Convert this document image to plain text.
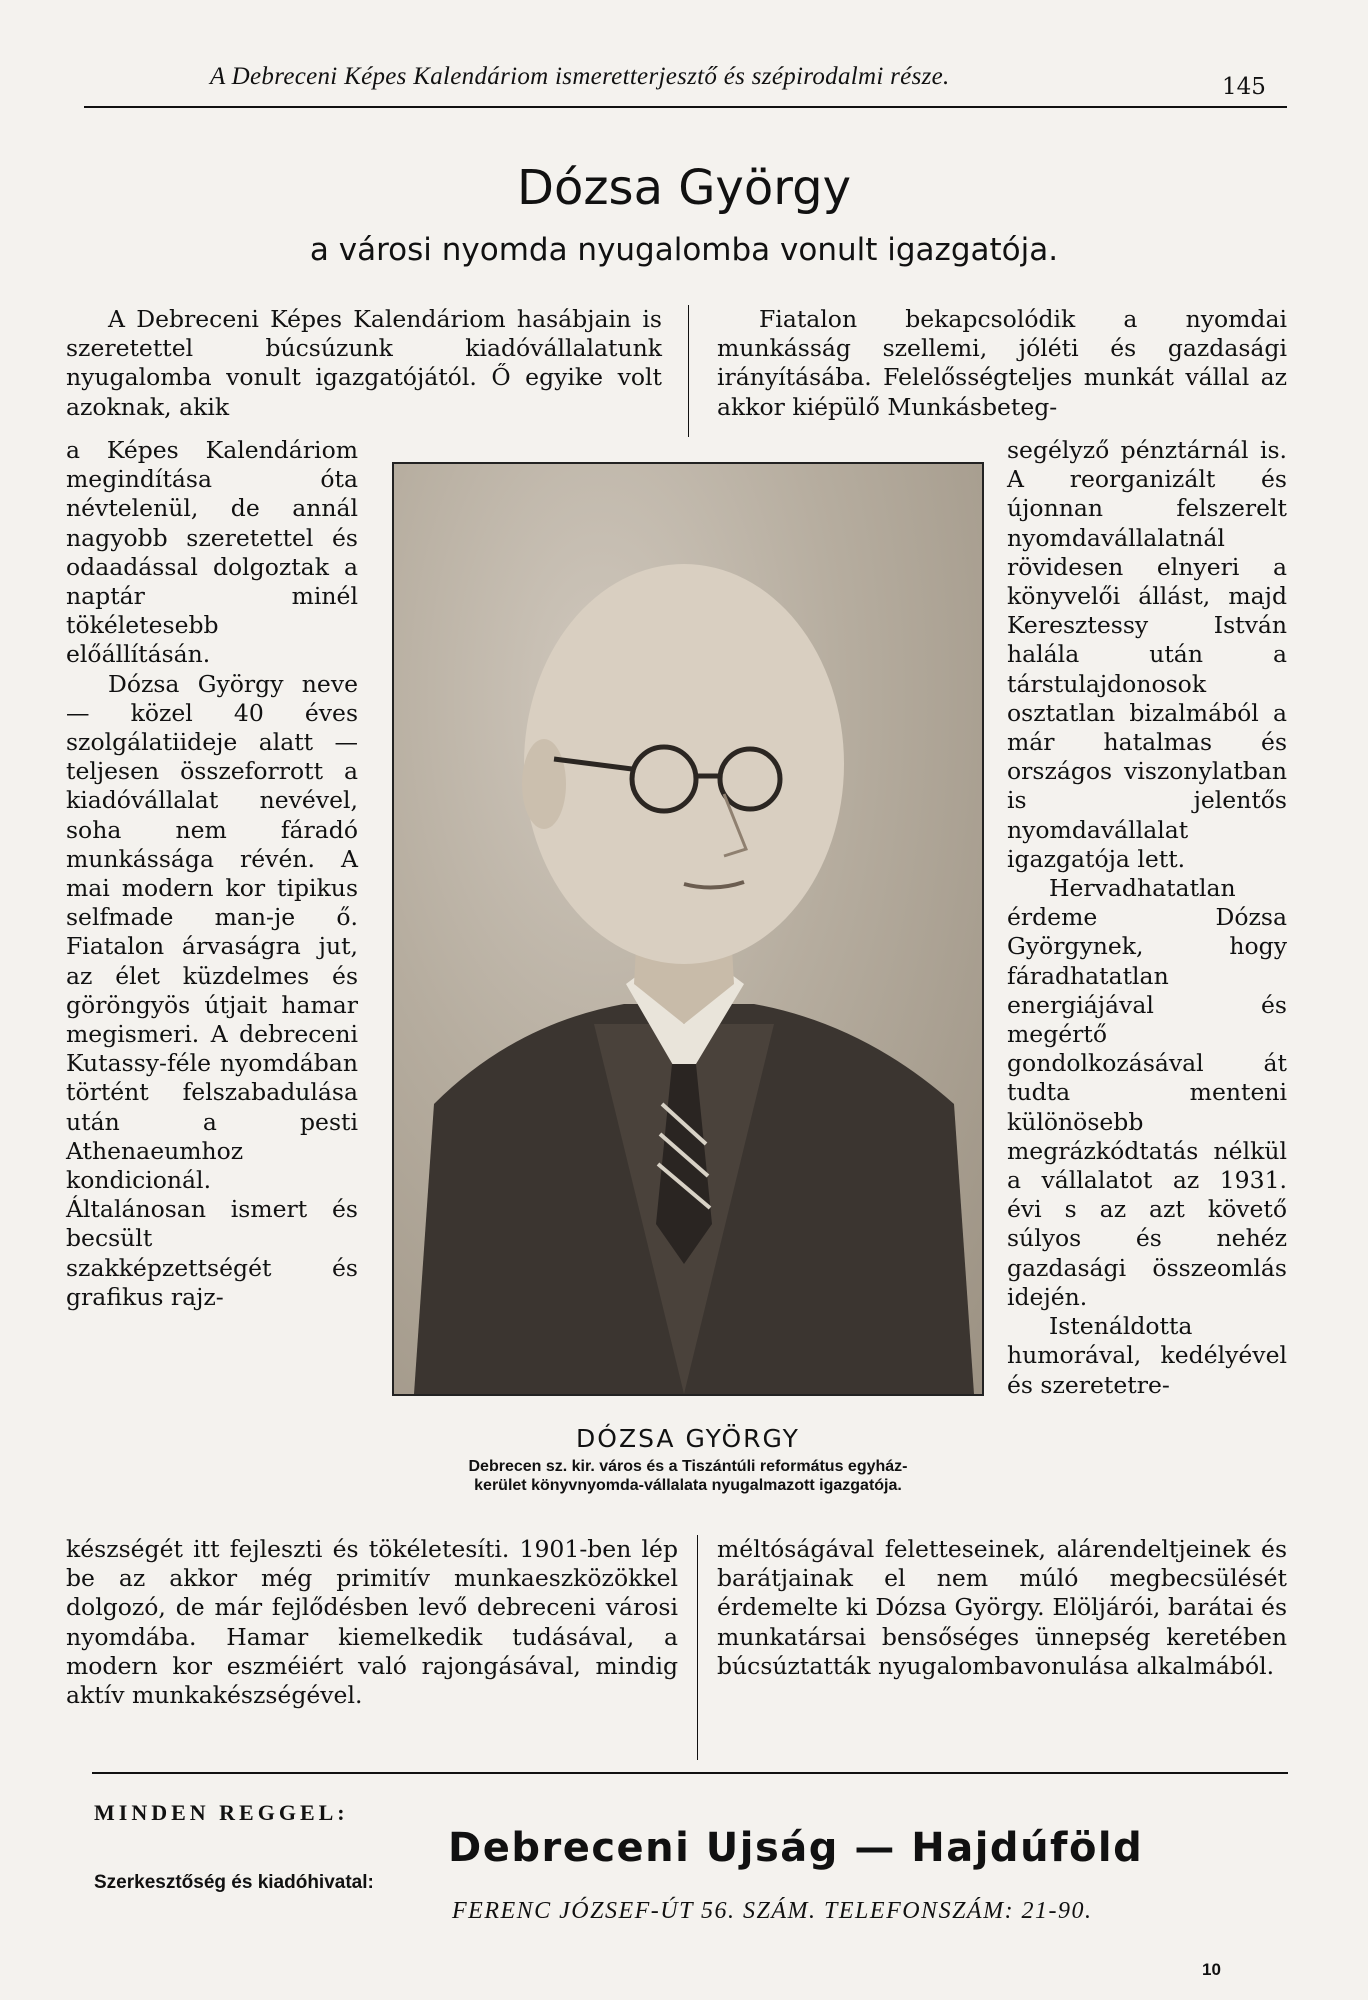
A Debreceni Képes Kalendáriom ismeretterjesztő és szépirodalmi része.	145
Dózsa György
a városi nyomda nyugalomba vonult igazgatója.

A Debreceni Képes Kalendáriom hasábjain is szeretettel búcsúzunk kiadóvállalatunk nyugalomba vonult igazgatójától. Ő egyike volt azoknak, akik

a Képes Kalendáriom megindítása óta névtelenül, de annál nagyobb szeretettel és odaadással dolgoztak a naptár minél tökéletesebb előállításán.

Dózsa György neve — közel 40 éves szolgálatiideje alatt — teljesen összeforrott a kiadóvállalat nevével, soha nem fáradó munkássága révén. A mai modern kor tipikus selfmade man-je ő. Fiatalon árvaságra jut, az élet küzdelmes és göröngyös útjait hamar megismeri. A debreceni Kutassy-féle nyomdában történt felszabadulása után a pesti Athenaeumhoz kondicionál. Általánosan ismert és becsült szakképzettségét és grafikus rajz-

Fiatalon bekapcsolódik a nyomdai munkásság szellemi, jóléti és gazdasági irányításába. Felelősségteljes munkát vállal az akkor kiépülő Munkásbeteg-

segélyző pénztárnál is. A reorganizált és újonnan felszerelt nyomdavállalatnál rövidesen elnyeri a könyvelői állást, majd Keresztessy István halála után a társtulajdonosok osztatlan bizalmából a már hatalmas és országos viszonylatban is jelentős nyomdavállalat igazgatója lett.

Hervadhatatlan érdeme Dózsa Györgynek, hogy fáradhatatlan energiájával és megértő gondolkozásával át tudta menteni különösebb megrázkódtatás nélkül a vállalatot az 1931. évi s az azt követő súlyos és nehéz gazdasági összeomlás idején.

Istenáldotta humorával, kedélyével és szeretetre-

DÓZSA GYÖRGY
Debrecen sz. kir. város és a Tiszántúli református egyház-
kerület könyvnyomda-vállalata nyugalmazott igazgatója.

készségét itt fejleszti és tökéletesíti. 1901-ben lép be az akkor még primitív munkaeszközökkel dolgozó, de már fejlődésben levő debreceni városi nyomdába. Hamar kiemelkedik tudásával, a modern kor eszméiért való rajongásával, mindig aktív munkakészségével.

méltóságával feletteseinek, alárendeltjeinek és barátjainak el nem múló megbecsülését érdemelte ki Dózsa György. Elöljárói, barátai és munkatársai bensőséges ünnepség keretében búcsúztatták nyugalombavonulása alkalmából.

MINDEN REGGEL:
Debreceni Ujság — Hajdúföld
Szerkesztőség és kiadóhivatal:
FERENC JÓZSEF-ÚT 56. SZÁM. TELEFONSZÁM: 21-90.
10
